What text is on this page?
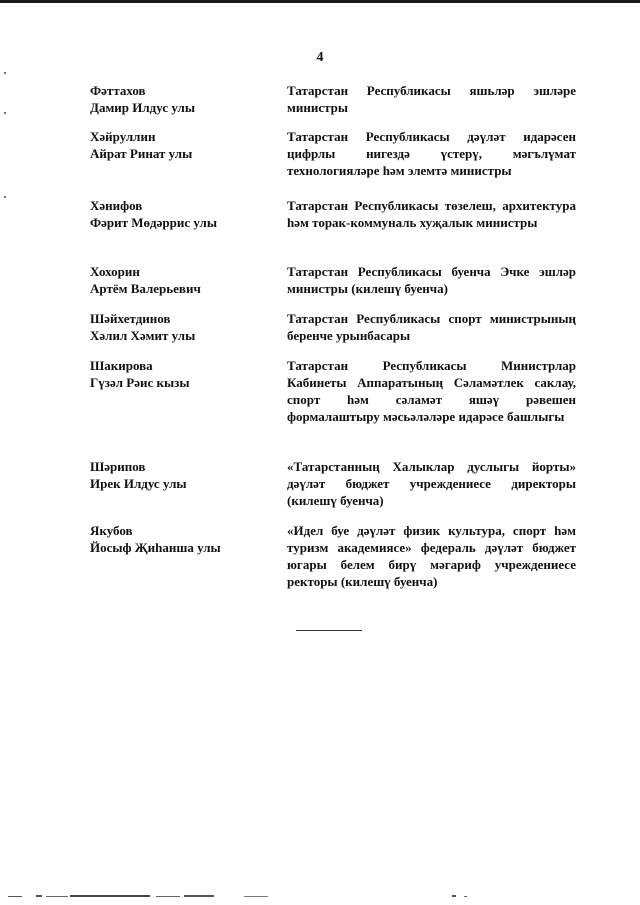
4
Фәттахов
Дамир Илдус улы
Татарстан Республикасы яшьләр эшләре министры
Хәйруллин
Айрат Ринат улы
Татарстан Республикасы дәүләт идарәсен цифрлы нигездә үстерү, мәгълүмат технологияләре һәм элемтә министры
Хәнифов
Фәрит Мөдәррис улы
Татарстан Республикасы төзелеш, архитектура һәм торак-коммуналь хуҗалык министры
Хохорин
Артём Валерьевич
Татарстан Республикасы буенча Эчке эшләр министры (килешү буенча)
Шәйхетдинов
Хәлил Хәмит улы
Татарстан Республикасы спорт министрының беренче урынбасары
Шакирова
Гүзәл Рәис кызы
Татарстан Республикасы Министрлар Кабинеты Аппаратының Сәламәтлек саклау, спорт һәм сәламәт яшәү рәвешен формалаштыру мәсьәләләре идарәсе башлыгы
Шәрипов
Ирек Илдус улы
«Татарстанның Халыклар дуслыгы йорты» дәүләт бюджет учреждениесе директоры (килешү буенча)
Якубов
Йосыф Җиһанша улы
«Идел буе дәүләт физик культура, спорт һәм туризм академиясе» федераль дәүләт бюджет югары белем бирү мәгариф учреждениесе ректоры (килешү буенча)
